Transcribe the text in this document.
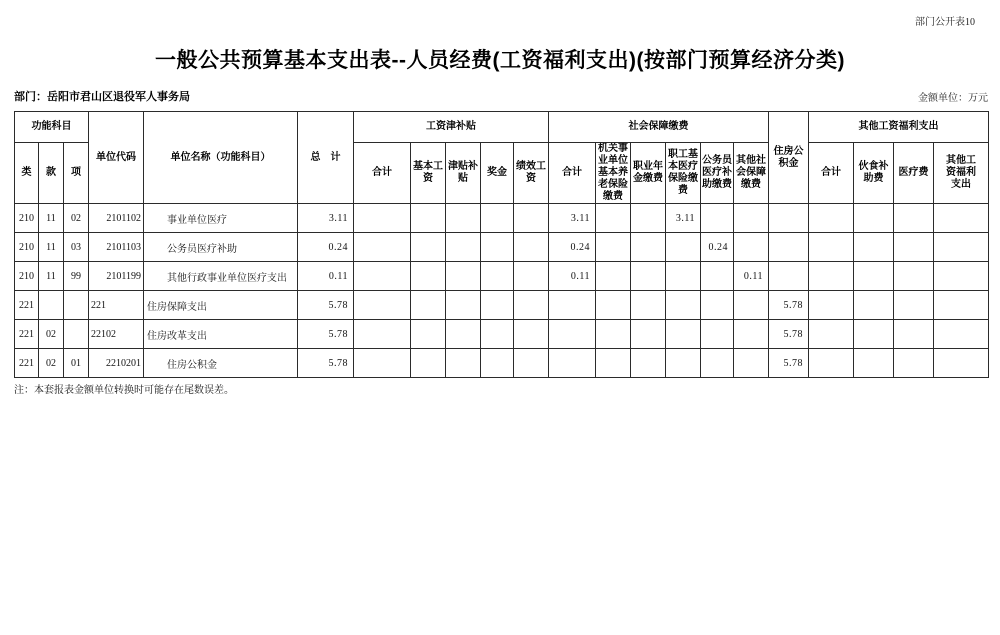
部门公开表10
一般公共预算基本支出表--人员经费(工资福利支出)(按部门预算经济分类)
部门：岳阳市君山区退役军人事务局	金额单位：万元
功能科目			单位代码	单位名称（功能科目）	总　计	工资津补贴					社会保障缴费						住房公积金	其他工资福利支出			
类	款	项				合计	基本工资	津贴补贴	奖金	绩效工资	合计	机关事业单位基本养老保险缴费	职业年金缴费	职工基本医疗保险缴费	公务员医疗补助缴费	其他社会保障缴费		合计	伙食补助费	医疗费	其他工资福利支出
210	11	02	2101102	事业单位医疗	3.11						3.11			3.11							
210	11	03	2101103	公务员医疗补助	0.24						0.24				0.24						
210	11	99	2101199	其他行政事业单位医疗支出	0.11						0.11					0.11					
221			221	住房保障支出	5.78												5.78				
221	02		22102	住房改革支出	5.78												5.78				
221	02	01	2210201	住房公积金	5.78												5.78				
注：本套报表金额单位转换时可能存在尾数误差。
